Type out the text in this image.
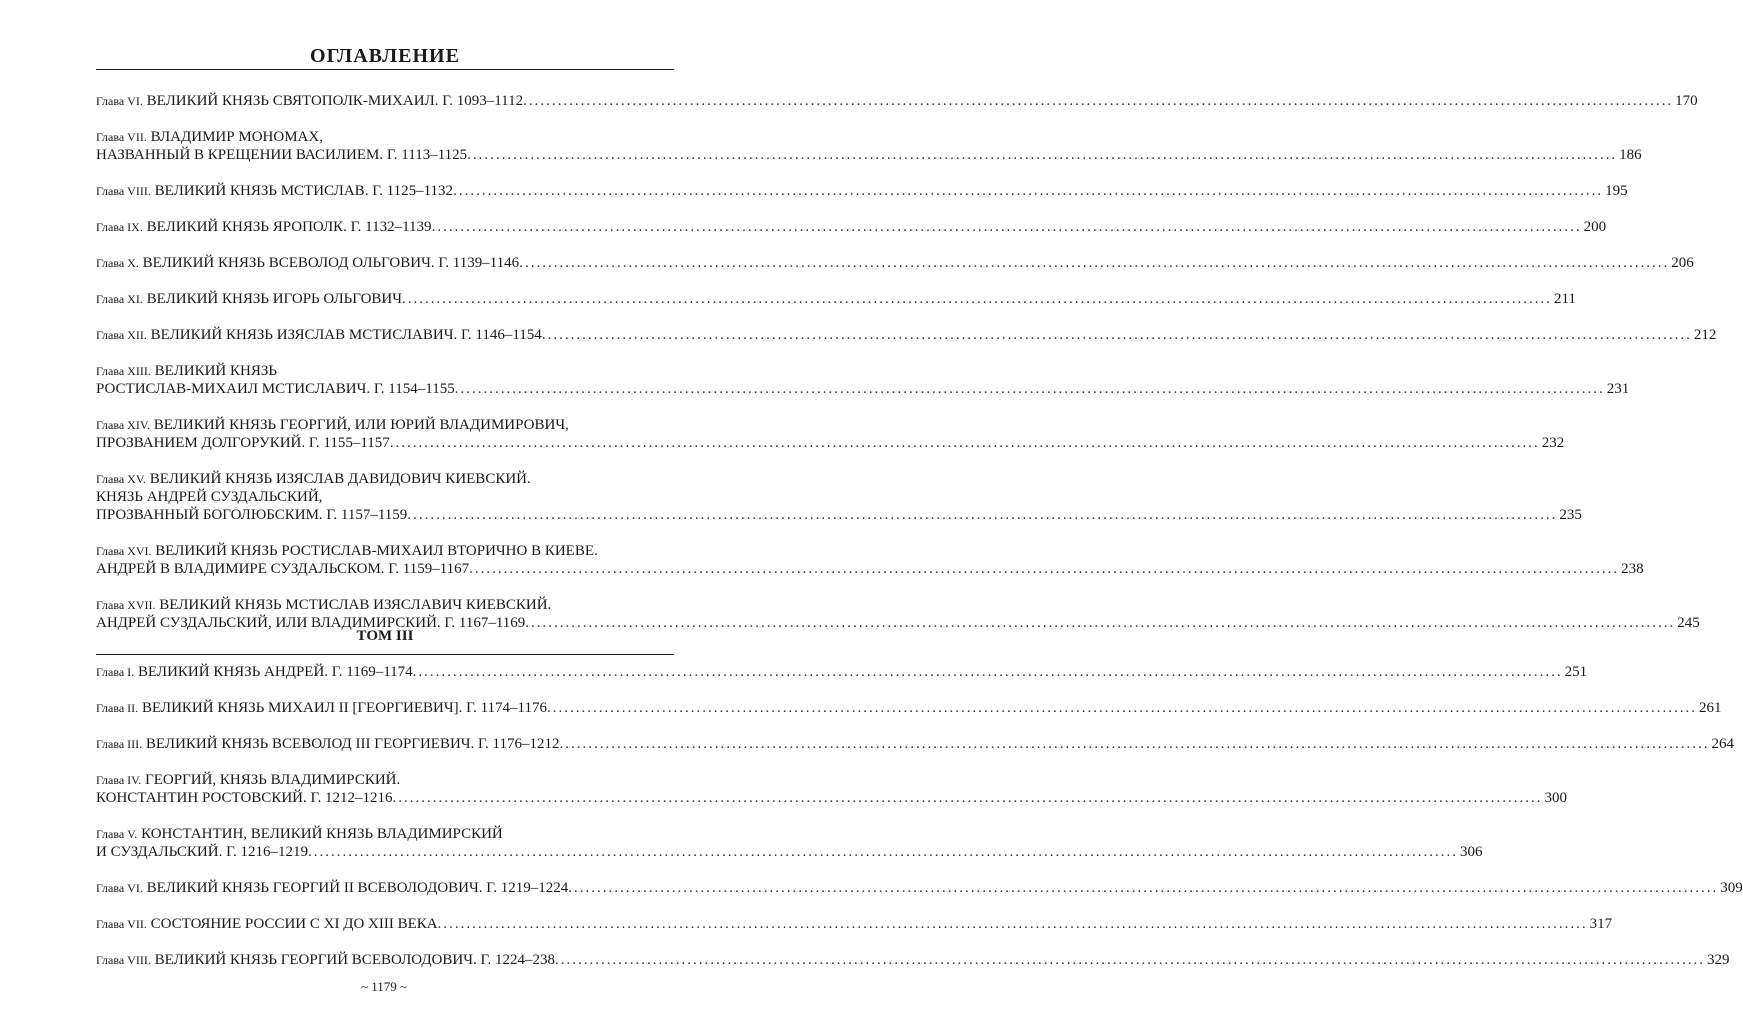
ОГЛАВЛЕНИЕ
Глава VI. ВЕЛИКИЙ КНЯЗЬ СВЯТОПОЛК-МИХАИЛ. Г. 1093–1112 ........................................................................................................................................................................................................ 170
Глава VII. ВЛАДИМИР МОНОМАХ,
НАЗВАННЫЙ В КРЕЩЕНИИ ВАСИЛИЕМ. Г. 1113–1125 ........................................................................................................................................................................................................ 186
Глава VIII. ВЕЛИКИЙ КНЯЗЬ МСТИСЛАВ. Г. 1125–1132 ........................................................................................................................................................................................................ 195
Глава IX. ВЕЛИКИЙ КНЯЗЬ ЯРОПОЛК. Г. 1132–1139 ........................................................................................................................................................................................................ 200
Глава X. ВЕЛИКИЙ КНЯЗЬ ВСЕВОЛОД ОЛЬГОВИЧ. Г. 1139–1146 ........................................................................................................................................................................................................ 206
Глава XI. ВЕЛИКИЙ КНЯЗЬ ИГОРЬ ОЛЬГОВИЧ ........................................................................................................................................................................................................ 211
Глава XII. ВЕЛИКИЙ КНЯЗЬ ИЗЯСЛАВ МСТИСЛАВИЧ. Г. 1146–1154 ........................................................................................................................................................................................................ 212
Глава XIII. ВЕЛИКИЙ КНЯЗЬ
РОСТИСЛАВ-МИХАИЛ МСТИСЛАВИЧ. Г. 1154–1155 ........................................................................................................................................................................................................ 231
Глава XIV. ВЕЛИКИЙ КНЯЗЬ ГЕОРГИЙ, ИЛИ ЮРИЙ ВЛАДИМИРОВИЧ,
ПРОЗВАНИЕМ ДОЛГОРУКИЙ. Г. 1155–1157 ........................................................................................................................................................................................................ 232
Глава XV. ВЕЛИКИЙ КНЯЗЬ ИЗЯСЛАВ ДАВИДОВИЧ КИЕВСКИЙ.
КНЯЗЬ АНДРЕЙ СУЗДАЛЬСКИЙ,
ПРОЗВАННЫЙ БОГОЛЮБСКИМ. Г. 1157–1159 ........................................................................................................................................................................................................ 235
Глава XVI. ВЕЛИКИЙ КНЯЗЬ РОСТИСЛАВ-МИХАИЛ ВТОРИЧНО В КИЕВЕ.
АНДРЕЙ В ВЛАДИМИРЕ СУЗДАЛЬСКОМ. Г. 1159–1167 ........................................................................................................................................................................................................ 238
Глава XVII. ВЕЛИКИЙ КНЯЗЬ МСТИСЛАВ ИЗЯСЛАВИЧ КИЕВСКИЙ.
АНДРЕЙ СУЗДАЛЬСКИЙ, ИЛИ ВЛАДИМИРСКИЙ. Г. 1167–1169 ........................................................................................................................................................................................................ 245
ТОМ III
Глава I. ВЕЛИКИЙ КНЯЗЬ АНДРЕЙ. Г. 1169–1174 ........................................................................................................................................................................................................ 251
Глава II. ВЕЛИКИЙ КНЯЗЬ МИХАИЛ II [ГЕОРГИЕВИЧ]. Г. 1174–1176 ........................................................................................................................................................................................................ 261
Глава III. ВЕЛИКИЙ КНЯЗЬ ВСЕВОЛОД III ГЕОРГИЕВИЧ. Г. 1176–1212 ........................................................................................................................................................................................................ 264
Глава IV. ГЕОРГИЙ, КНЯЗЬ ВЛАДИМИРСКИЙ.
КОНСТАНТИН РОСТОВСКИЙ. Г. 1212–1216 ........................................................................................................................................................................................................ 300
Глава V. КОНСТАНТИН, ВЕЛИКИЙ КНЯЗЬ ВЛАДИМИРСКИЙ
И СУЗДАЛЬСКИЙ. Г. 1216–1219 ........................................................................................................................................................................................................ 306
Глава VI. ВЕЛИКИЙ КНЯЗЬ ГЕОРГИЙ II ВСЕВОЛОДОВИЧ. Г. 1219–1224 ........................................................................................................................................................................................................ 309
Глава VII. СОСТОЯНИЕ РОССИИ С XI ДО XIII ВЕКА ........................................................................................................................................................................................................ 317
Глава VIII. ВЕЛИКИЙ КНЯЗЬ ГЕОРГИЙ ВСЕВОЛОДОВИЧ. Г. 1224–238 ........................................................................................................................................................................................................ 329

~ 1179 ~
